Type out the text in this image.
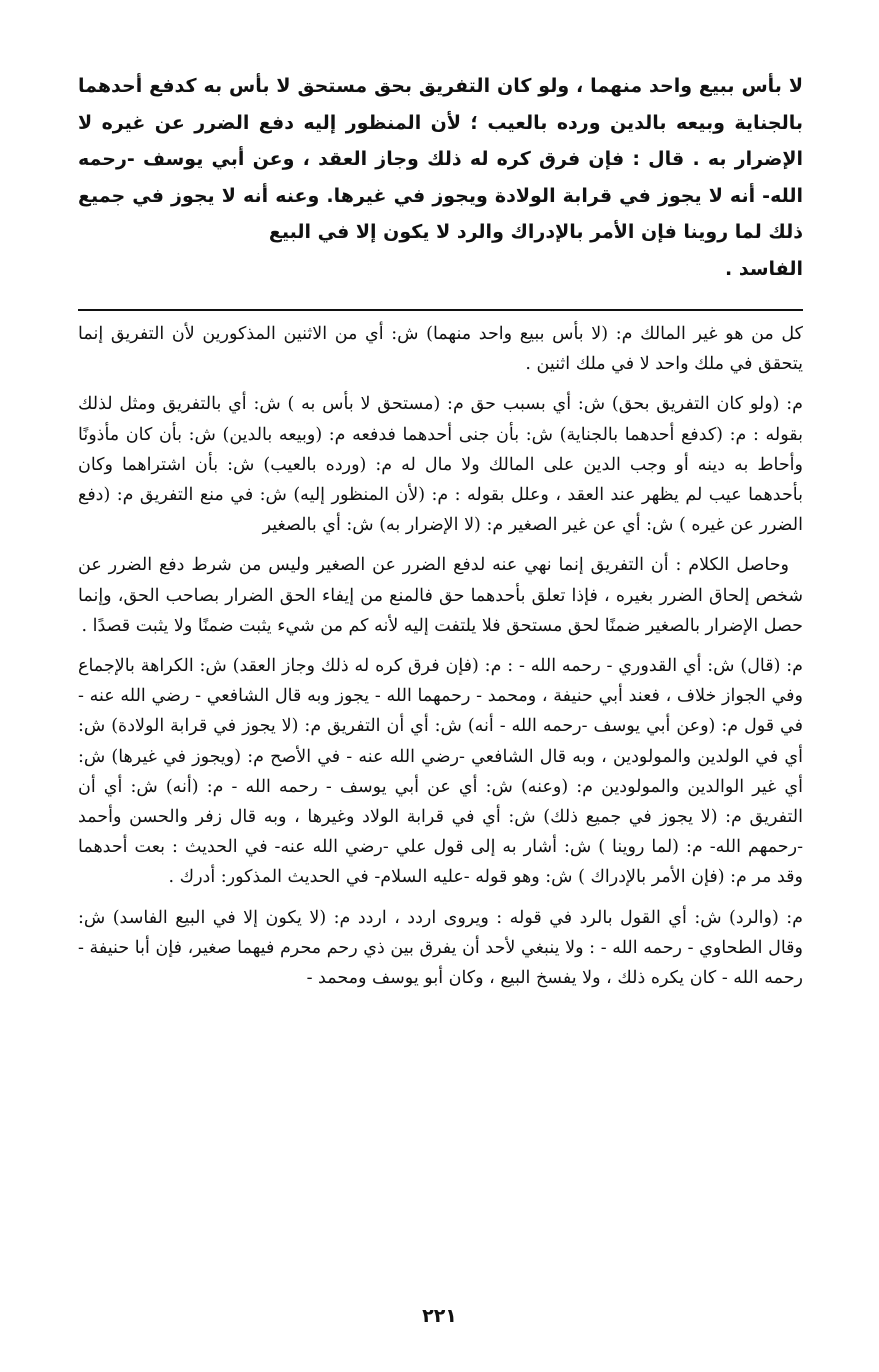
لا بأس ببيع واحد منهما ، ولو كان التفريق بحق مستحق لا بأس به كدفع أحدهما بالجناية وبيعه بالدين ورده بالعيب ؛ لأن المنظور إليه دفع الضرر عن غيره لا الإضرار به . قال : فإن فرق كره له ذلك وجاز العقد ، وعن أبي يوسف -رحمه الله- أنه لا يجوز في قرابة الولادة ويجوز في غيرها. وعنه أنه لا يجوز في جميع ذلك لما روينا فإن الأمر بالإدراك والرد لا يكون إلا في البيع
الفاسد .

كل من هو غير المالك م: (لا بأس ببيع واحد منهما) ش: أي من الاثنين المذكورين لأن التفريق إنما يتحقق في ملك واحد لا في ملك اثنين .

م: (ولو كان التفريق بحق) ش: أي بسبب حق م: (مستحق لا بأس به ) ش: أي بالتفريق ومثل لذلك بقوله : م: (كدفع أحدهما بالجناية) ش: بأن جنى أحدهما فدفعه م: (وبيعه بالدين) ش: بأن كان مأذونًا وأحاط به دينه أو وجب الدين على المالك ولا مال له م: (ورده بالعيب) ش: بأن اشتراهما وكان بأحدهما عيب لم يظهر عند العقد ، وعلل بقوله : م: (لأن المنظور إليه) ش: في منع التفريق م: (دفع الضرر عن غيره ) ش: أي عن غير الصغير م: (لا الإضرار به) ش: أي بالصغير

وحاصل الكلام : أن التفريق إنما نهي عنه لدفع الضرر عن الصغير وليس من شرط دفع الضرر عن شخص إلحاق الضرر بغيره ، فإذا تعلق بأحدهما حق فالمنع من إيفاء الحق الضرار بصاحب الحق، وإنما حصل الإضرار بالصغير ضمنًا لحق مستحق فلا يلتفت إليه لأنه كم من شيء يثبت ضمنًا ولا يثبت قصدًا .

م: (قال) ش: أي القدوري - رحمه الله - : م: (فإن فرق كره له ذلك وجاز العقد) ش: الكراهة بالإجماع وفي الجواز خلاف ، فعند أبي حنيفة ، ومحمد - رحمهما الله - يجوز وبه قال الشافعي - رضي الله عنه - في قول م: (وعن أبي يوسف -رحمه الله - أنه) ش: أي أن التفريق م: (لا يجوز في قرابة الولادة) ش: أي في الولدين والمولودين ، وبه قال الشافعي -رضي الله عنه - في الأصح م: (ويجوز في غيرها) ش: أي غير الوالدين والمولودين م: (وعنه) ش: أي عن أبي يوسف - رحمه الله - م: (أنه) ش: أي أن التفريق م: (لا يجوز في جميع ذلك) ش: أي في قرابة الولاد وغيرها ، وبه قال زفر والحسن وأحمد -رحمهم الله- م: (لما روينا ) ش: أشار به إلى قول علي -رضي الله عنه- في الحديث : بعت أحدهما وقد مر م: (فإن الأمر بالإدراك ) ش: وهو قوله -عليه السلام- في الحديث المذكور: أدرك .

م: (والرد) ش: أي القول بالرد في قوله : ويروى اردد ، اردد م: (لا يكون إلا في البيع الفاسد) ش: وقال الطحاوي - رحمه الله - : ولا ينبغي لأحد أن يفرق بين ذي رحم محرم فيهما صغير، فإن أبا حنيفة - رحمه الله - كان يكره ذلك ، ولا يفسخ البيع ، وكان أبو يوسف ومحمد -

٢٢١
